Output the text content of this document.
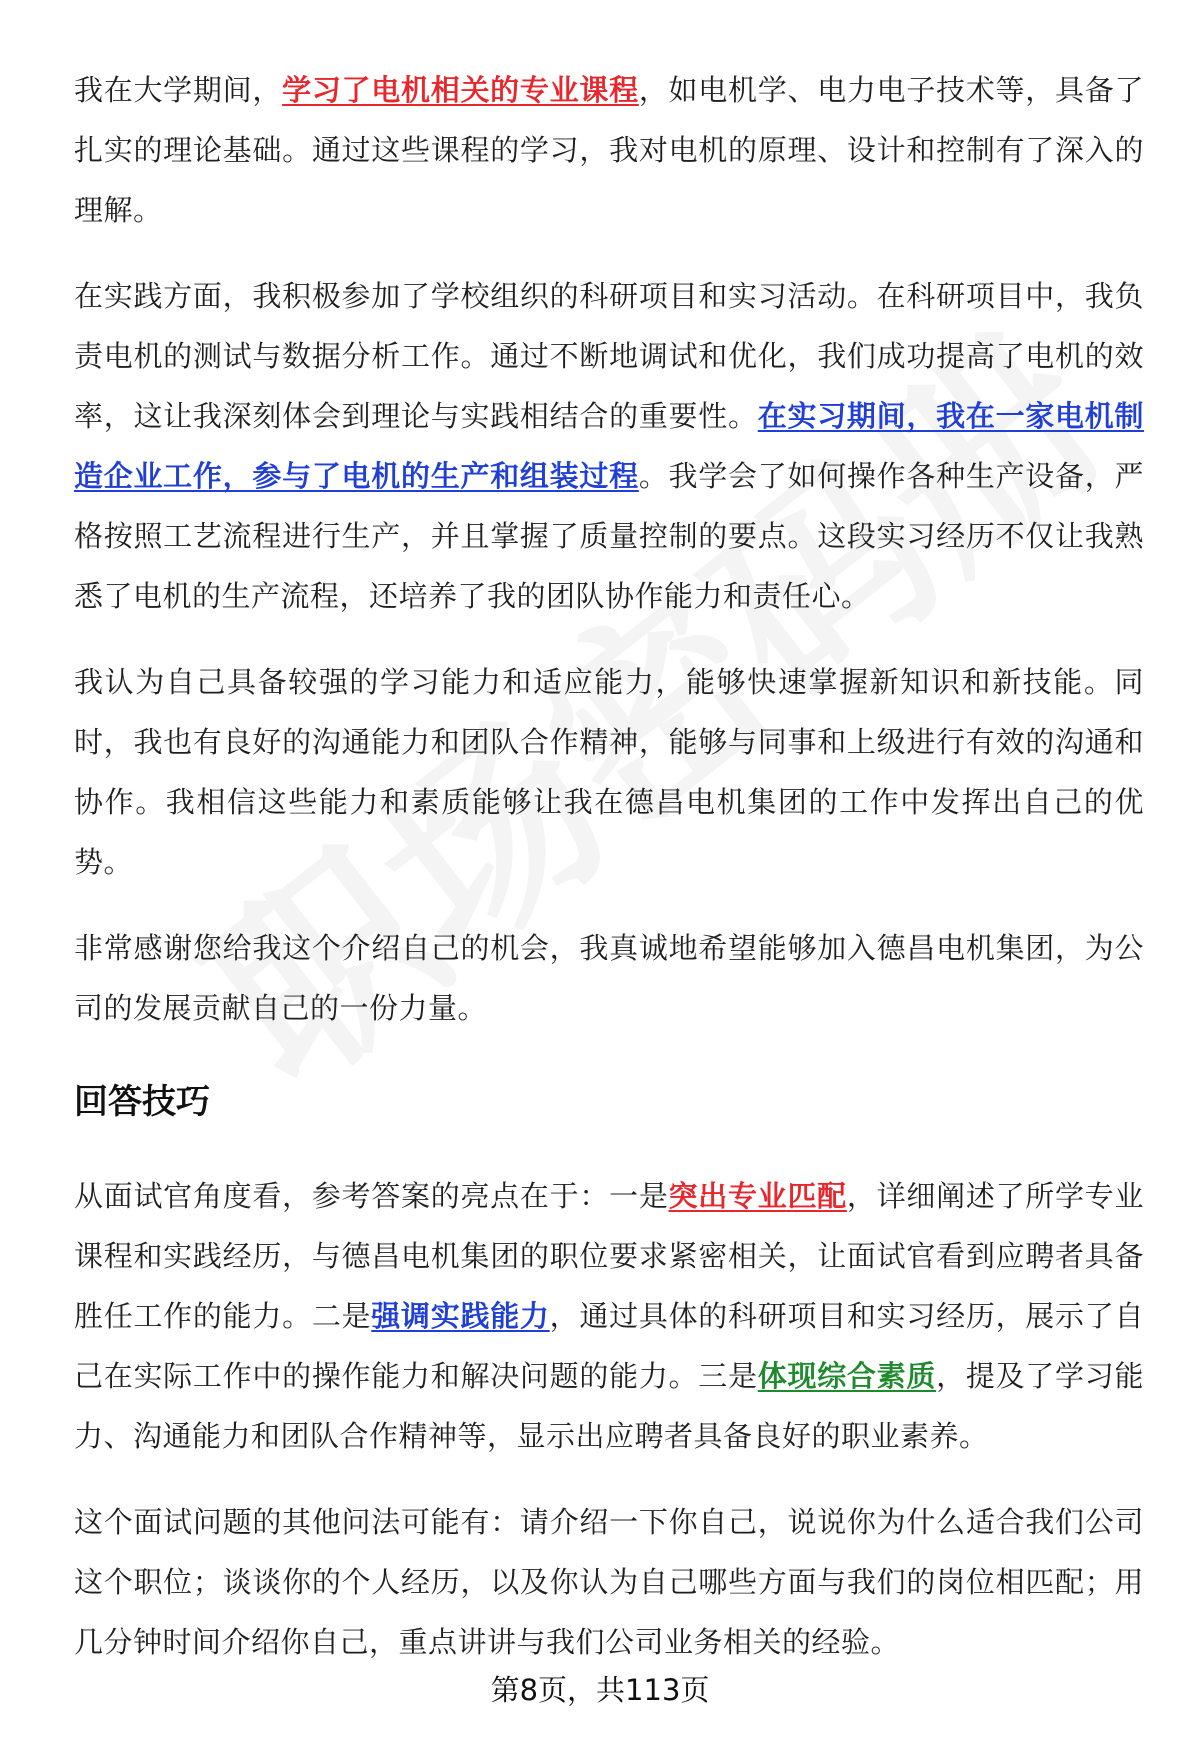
我在大学期间，学习了电机相关的专业课程，如电机学、电力电子技术等，具备了扎实的理论基础。通过这些课程的学习，我对电机的原理、设计和控制有了深入的理解。

在实践方面，我积极参加了学校组织的科研项目和实习活动。在科研项目中，我负责电机的测试与数据分析工作。通过不断地调试和优化，我们成功提高了电机的效率，这让我深刻体会到理论与实践相结合的重要性。在实习期间，我在一家电机制造企业工作，参与了电机的生产和组装过程。我学会了如何操作各种生产设备，严格按照工艺流程进行生产，并且掌握了质量控制的要点。这段实习经历不仅让我熟悉了电机的生产流程，还培养了我的团队协作能力和责任心。

我认为自己具备较强的学习能力和适应能力，能够快速掌握新知识和新技能。同时，我也有良好的沟通能力和团队合作精神，能够与同事和上级进行有效的沟通和协作。我相信这些能力和素质能够让我在德昌电机集团的工作中发挥出自己的优势。

非常感谢您给我这个介绍自己的机会，我真诚地希望能够加入德昌电机集团，为公司的发展贡献自己的一份力量。

回答技巧

从面试官角度看，参考答案的亮点在于：一是突出专业匹配，详细阐述了所学专业课程和实践经历，与德昌电机集团的职位要求紧密相关，让面试官看到应聘者具备胜任工作的能力。二是强调实践能力，通过具体的科研项目和实习经历，展示了自己在实际工作中的操作能力和解决问题的能力。三是体现综合素质，提及了学习能力、沟通能力和团队合作精神等，显示出应聘者具备良好的职业素养。

这个面试问题的其他问法可能有：请介绍一下你自己，说说你为什么适合我们公司这个职位；谈谈你的个人经历，以及你认为自己哪些方面与我们的岗位相匹配；用几分钟时间介绍你自己，重点讲讲与我们公司业务相关的经验。

第8页，共113页
